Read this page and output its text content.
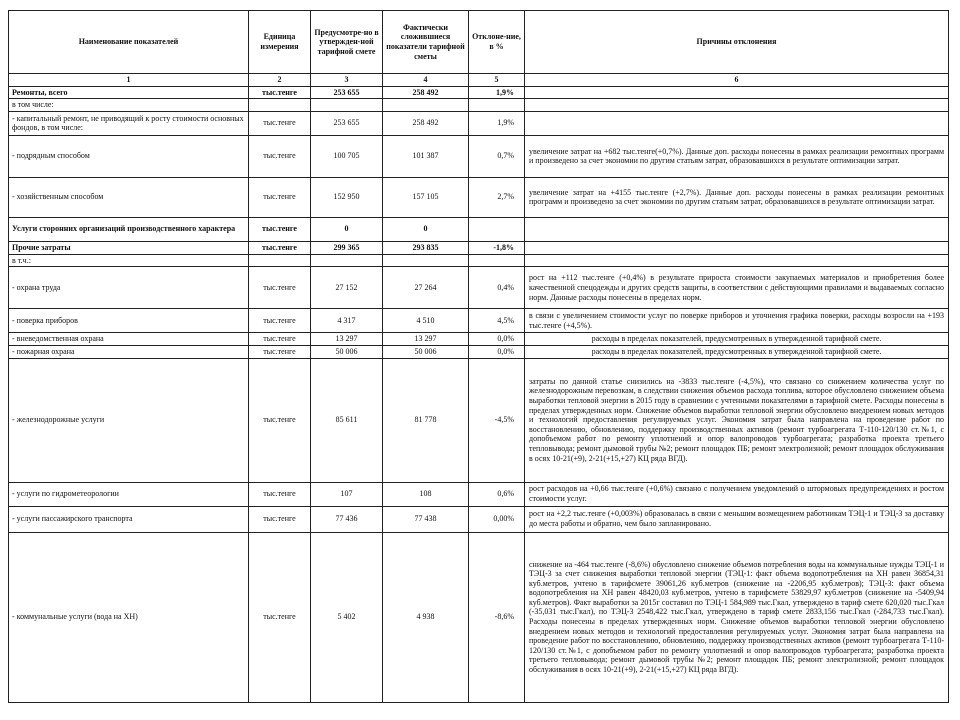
Наименование показателей	Единица измерения	Предусмотре-но в утвержден-ной тарифной смете	Фактически сложившиеся показатели тарифной сметы	Отклоне-ние, в %	Причины отклонения
1	2	3	4	5	6
Ремонты, всего	тыс.тенге	253 655	258 492	1,9%	
в том числе:					
- капитальный ремонт, не приводящий к росту стоимости основных фондов, в том числе:	тыс.тенге	253 655	258 492	1,9%	
- подрядным способом	тыс.тенге	100 705	101 387	0,7%	увеличение затрат на +682 тыс.тенге(+0,7%). Данные доп. расходы понесены в рамках реализации ремонтных программ и произведено за счет экономии по другим статьям затрат, образовавшихся в результате оптимизации затрат.
- хозяйственным способом	тыс.тенге	152 950	157 105	2,7%	увеличение затрат на +4155 тыс.тенге (+2,7%). Данные доп. расходы понесены в рамках реализации ремонтных программ и произведено за счет экономии по другим статьям затрат, образовавшихся в результате оптимизации затрат.
Услуги сторонних организаций производственного характера	тыс.тенге	0	0		
Прочие затраты	тыс.тенге	299 365	293 835	-1,8%	
в т.ч.:					
- охрана труда	тыс.тенге	27 152	27 264	0,4%	рост на +112 тыс.тенге (+0,4%) в результате прироста стоимости закупаемых материалов и приобретения более качественной спецодежды и других средств защиты, в соответствии с действующими правилами и выдаваемых согласно норм. Данные расходы понесены в пределах норм.
- поверка приборов	тыс.тенге	4 317	4 510	4,5%	в связи с увеличением стоимости услуг по поверке приборов и уточнения графика поверки, расходы возросли на +193 тыс.тенге (+4,5%).
- вневедомственная охрана	тыс.тенге	13 297	13 297	0,0%	расходы в пределах показателей, предусмотренных в утвержденной тарифной смете.
- пожарная охрана	тыс.тенге	50 006	50 006	0,0%	расходы в пределах показателей, предусмотренных в утвержденной тарифной смете.
- железнодорожные услуги	тыс.тенге	85 611	81 778	-4,5%	затраты по данной статье снизились на -3833 тыс.тенге (-4,5%), что связано со снижением количества услуг по железнодорожным перевозкам, в следствии снижения объемов расхода топлива, которое обусловлено снижением объема выработки тепловой энергии в 2015 году в сравнении с учтенными показателями в тарифной смете. Расходы понесены в пределах утвержденных норм. Снижение объемов выработки тепловой энергии обусловлено внедрением новых методов и технологий предоставления регулируемых услуг. Экономия затрат была направлена на проведение работ по восстановлению, обновлению, поддержку производственных активов (ремонт турбоагрегата Т-110-120/130 ст.№1, с допобъемом работ по ремонту уплотнений и опор валопроводов турбоагрегата; разработка проекта третьего тепловывода; ремонт дымовой трубы №2; ремонт площадок ПБ; ремонт электролизной; ремонт площадок обслуживания в осях 10-21(+9), 2-21(+15,+27) КЦ ряда ВГД).
- услуги по гидрометеорологии	тыс.тенге	107	108	0,6%	рост расходов на +0,66 тыс.тенге (+0,6%) связано с получением уведомлений о штормовых предупреждениях и ростом стоимости услуг.
- услуги пассажирского транспорта	тыс.тенге	77 436	77 438	0,00%	рост на +2,2 тыс.тенге (+0,003%) образовалась в связи с меньшим возмещением работникам ТЭЦ-1 и ТЭЦ-3 за доставку до места работы и обратно, чем было запланировано.
- коммунальные услуги (вода на ХН)	тыс.тенге	5 402	4 938	-8,6%	снижение на -464 тыс.тенге (-8,6%) обусловлено снижение объемов потребления воды на коммунальные нужды ТЭЦ-1 и ТЭЦ-3 за счет снижения выработки тепловой энергии (ТЭЦ-1: факт объема водопотребления на ХН равен 36854,31 куб.метров, учтено в тарифсмете 39061,26 куб.метров (снижение на -2206,95 куб.метров); ТЭЦ-3: факт объема водопотребления на ХН равен 48420,03 куб.метров, учтено в тарифсмете 53829,97 куб.метров (снижение на -5409,94 куб.метров). Факт выработки за 2015г составил по ТЭЦ-1 584,989 тыс.Гкал, утверждено в тариф смете 620,020 тыс.Гкал (-35,031 тыс.Гкал), по ТЭЦ-3 2548,422 тыс.Гкал, утверждено в тариф смете 2833,156 тыс.Гкал (-284,733 тыс.Гкал). Расходы понесены в пределах утвержденных норм. Снижение объемов выработки тепловой энергии обусловлено внедрением новых методов и технологий предоставления регулируемых услуг. Экономия затрат была направлена на проведение работ по восстановлению, обновлению, поддержку производственных активов (ремонт турбоагрегата Т-110-120/130 ст.№1, с допобъемом работ по ремонту уплотнений и опор валопроводов турбоагрегата; разработка проекта третьего тепловывода; ремонт дымовой трубы №2; ремонт площадок ПБ; ремонт электролизной; ремонт площадок обслуживания в осях 10-21(+9), 2-21(+15,+27) КЦ ряда ВГД).
